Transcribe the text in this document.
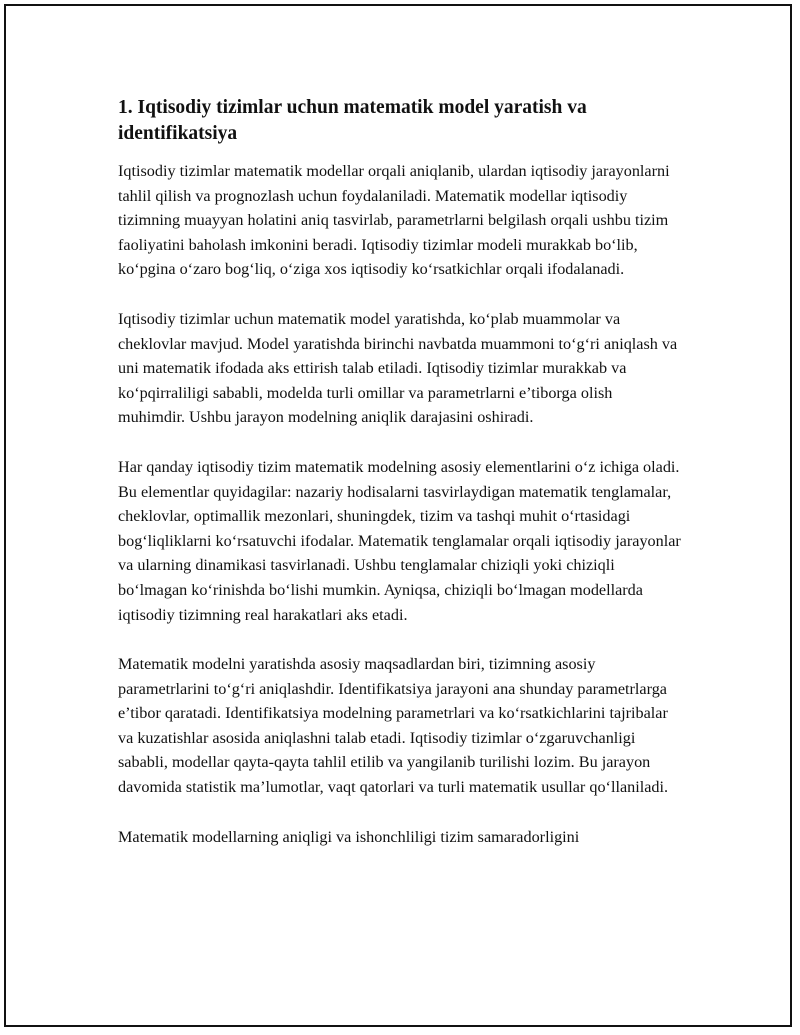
1. Iqtisodiy tizimlar uchun matematik model yaratish va identifikatsiya

Iqtisodiy tizimlar matematik modellar orqali aniqlanib, ulardan iqtisodiy jarayonlarni tahlil qilish va prognozlash uchun foydalaniladi. Matematik modellar iqtisodiy tizimning muayyan holatini aniq tasvirlab, parametrlarni belgilash orqali ushbu tizim faoliyatini baholash imkonini beradi. Iqtisodiy tizimlar modeli murakkab bo‘lib, ko‘pgina o‘zaro bog‘liq, o‘ziga xos iqtisodiy ko‘rsatkichlar orqali ifodalanadi.

Iqtisodiy tizimlar uchun matematik model yaratishda, ko‘plab muammolar va cheklovlar mavjud. Model yaratishda birinchi navbatda muammoni to‘g‘ri aniqlash va uni matematik ifodada aks ettirish talab etiladi. Iqtisodiy tizimlar murakkab va ko‘pqirraliligi sababli, modelda turli omillar va parametrlarni e’tiborga olish muhimdir. Ushbu jarayon modelning aniqlik darajasini oshiradi.

Har qanday iqtisodiy tizim matematik modelning asosiy elementlarini o‘z ichiga oladi. Bu elementlar quyidagilar: nazariy hodisalarni tasvirlaydigan matematik tenglamalar, cheklovlar, optimallik mezonlari, shuningdek, tizim va tashqi muhit o‘rtasidagi bog‘liqliklarni ko‘rsatuvchi ifodalar. Matematik tenglamalar orqali iqtisodiy jarayonlar va ularning dinamikasi tasvirlanadi. Ushbu tenglamalar chiziqli yoki chiziqli bo‘lmagan ko‘rinishda bo‘lishi mumkin. Ayniqsa, chiziqli bo‘lmagan modellarda iqtisodiy tizimning real harakatlari aks etadi.

Matematik modelni yaratishda asosiy maqsadlardan biri, tizimning asosiy parametrlarini to‘g‘ri aniqlashdir. Identifikatsiya jarayoni ana shunday parametrlarga e’tibor qaratadi. Identifikatsiya modelning parametrlari va ko‘rsatkichlarini tajribalar va kuzatishlar asosida aniqlashni talab etadi. Iqtisodiy tizimlar o‘zgaruvchanligi sababli, modellar qayta-qayta tahlil etilib va yangilanib turilishi lozim. Bu jarayon davomida statistik ma’lumotlar, vaqt qatorlari va turli matematik usullar qo‘llaniladi.

Matematik modellarning aniqligi va ishonchliligi tizim samaradorligini
